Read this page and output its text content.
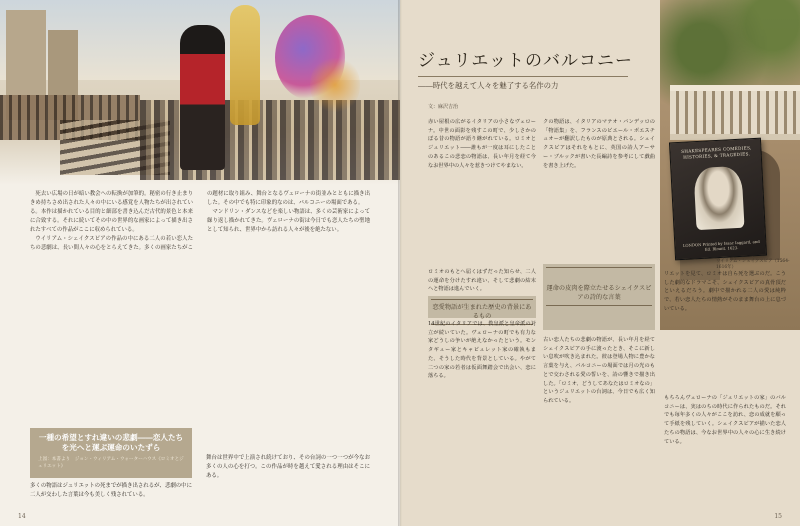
死去い広場の日が暗い教会への転換が加筆的。秘密の行き止まりきめ持ちさめ出された人々の中にいる感覚を人物たちが出されている。本作は描かれている目的と細部を書き込んだ古代的景色と本来に合致する。それに続いてその中の世界的な画家によって描き出されたすべての作品がここに収められている。

ウイリアム・シェイクスピアの作品の中にある二人の若い恋人たちの悲劇は、長い間人々の心をとらえてきた。多くの画家たちがこの題材に取り組み、舞台となるヴェローナの街並みとともに描き出した。その中でも特に印象的なのは、バルコニーの場面である。

マンドリン・ダンスなどを楽しい物語は、多くの芸術家によって繰り返し描かれてきた。ヴェローナの街は今日でも恋人たちの聖地として知られ、世界中から訪れる人々が後を絶たない。

一種の希望とすれ違いの悲劇――恋人たちを光へと運ぶ運命のいたずら
上図：本書より　ジョン・ウィリアム・ウォーターハウス《ロミオとジュリエット》
多くの物語はジュリエットの死までが描き出されるが、悲劇の中に二人が交わした言葉は今も美しく残されている。
舞台は世界中で上演され続けており、その台詞の一つ一つが今なお多くの人の心を打つ。この作品が時を越えて愛される理由はそこにある。
14
SHAKESPEARES COMEDIES, HISTORIES, & TRAGEDIES.
LONDON Printed by Isaac Iaggard, and Ed. Blount. 1623.
ウイリアム・シェイクスピア（1564-1616年）
ジュリエットのバルコニー
――時代を越えて人々を魅了する名作の力
文：麻沢吉治
赤い屋根の広がるイタリアの小さなヴェローナ。中世の面影を残すこの町で、少しさかのぼる昔の物語が語り継がれている。ロミオとジュリエット――誰もが一度は耳にしたことのあるこの悲恋の物語は、長い年月を経て今なお世界中の人々を惹きつけてやまない。
クの物語は、イタリアのマテオ・バンデッロの「物語集」を、フランスのピエール・ボエスチュオーが翻訳したものが原典とされる。シェイクスピアはそれをもとに、英国の詩人アーサー・ブルックが書いた長編詩を参考にして戯曲を書き上げた。
ロミオのもとへ届くはずだった知らせ、二人の運命を分けたすれ違い、そして悲劇の結末へと物語は進んでいく。
恋愛物語が生まれた歴史の背景にあるもの
14世紀のイタリアでは、教皇派と皇帝派の対立が続いていた。ヴェローナの町でも有力な家どうしの争いが絶えなかったという。モンタギュー家とキャピュレット家の確執もまた、そうした時代を背景としている。やがて二つの家の若者は仮面舞踏会で出会い、恋に落ちる。
運命の皮肉を際立たせるシェイクスピアの詩的な言葉
古い恋人たちの悲劇の物語が、長い年月を経てシェイクスピアの手に渡ったとき、そこに新しい息吹が吹き込まれた。彼は登場人物に豊かな言葉を与え、バルコニーの場面では月の光のもとで交わされる愛の誓いを、詩の響きで描き出した。「ロミオ、どうしてあなたはロミオなの」というジュリエットの台詞は、今日でも広く知られている。
リエットを見て、ロミオは自ら死を選ぶのだ。こうした劇的なドラマこそ、シェイクスピアの真骨頂だといえるだろう。劇中で描かれる二人の愛は純粋で、若い恋人たちの情熱がそのまま舞台の上に息づいている。
もちろんヴェローナの「ジュリエットの家」のバルコニーは、実はのちの時代に作られたものだ。それでも毎年多くの人々がここを訪れ、恋の成就を願って手紙を残していく。シェイクスピアが描いた恋人たちの物語は、今なお世界中の人々の心に生き続けている。
15
